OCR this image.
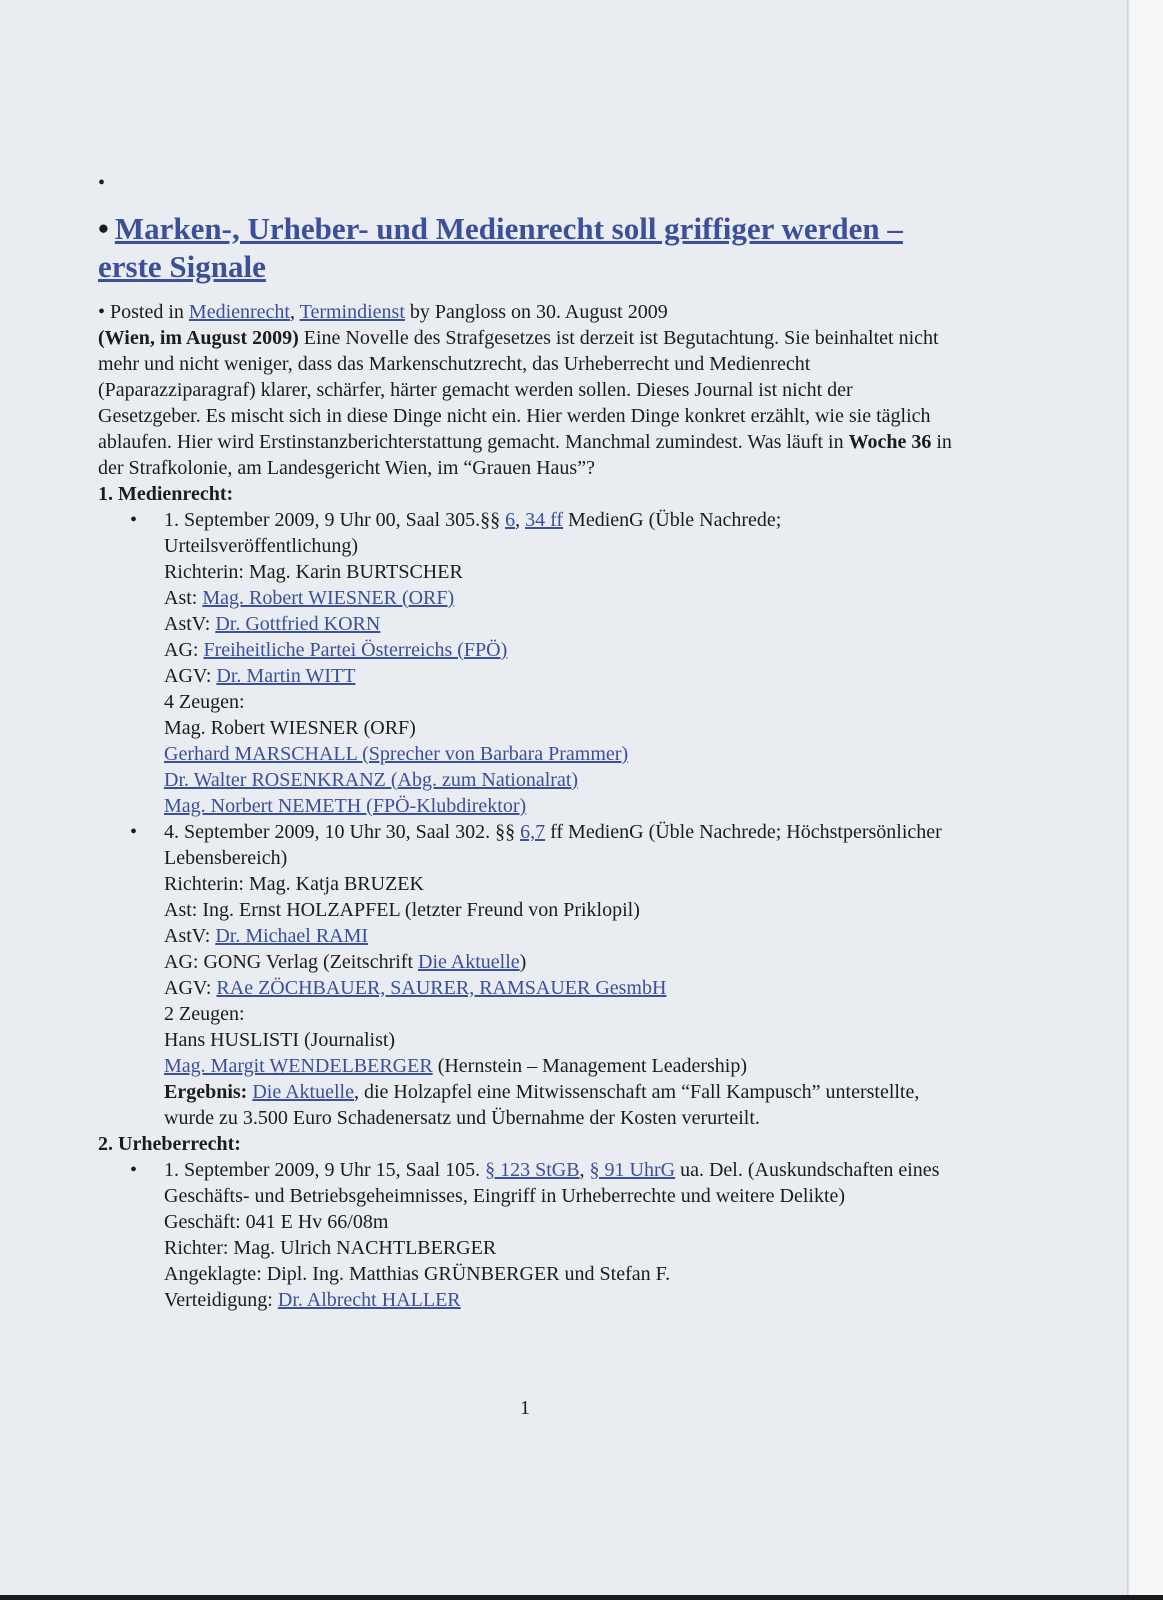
•
• Marken-, Urheber- und Medienrecht soll griffiger werden – erste Signale

• Posted in Medienrecht, Termindienst by Pangloss on 30. August 2009

(Wien, im August 2009) Eine Novelle des Strafgesetzes ist derzeit ist Begutachtung. Sie beinhaltet nicht mehr und nicht weniger, dass das Markenschutzrecht, das Urheberrecht und Medienrecht (Paparazziparagraf) klarer, schärfer, härter gemacht werden sollen. Dieses Journal ist nicht der Gesetzgeber. Es mischt sich in diese Dinge nicht ein. Hier werden Dinge konkret erzählt, wie sie täglich ablaufen. Hier wird Erstinstanzberichterstattung gemacht. Manchmal zumindest. Was läuft in Woche 36 in der Strafkolonie, am Landesgericht Wien, im “Grauen Haus”?

1. Medienrecht:
• 1. September 2009, 9 Uhr 00, Saal 305.§§ 6, 34 ff MedienG (Üble Nachrede; Urteilsveröffentlichung)
Richterin: Mag. Karin BURTSCHER
Ast: Mag. Robert WIESNER (ORF)
AstV: Dr. Gottfried KORN
AG: Freiheitliche Partei Österreichs (FPÖ)
AGV: Dr. Martin WITT
4 Zeugen:
Mag. Robert WIESNER (ORF)
Gerhard MARSCHALL (Sprecher von Barbara Prammer)
Dr. Walter ROSENKRANZ (Abg. zum Nationalrat)
Mag. Norbert NEMETH (FPÖ-Klubdirektor)
• 4. September 2009, 10 Uhr 30, Saal 302. §§ 6,7 ff MedienG (Üble Nachrede; Höchstpersönlicher Lebensbereich)
Richterin: Mag. Katja BRUZEK
Ast: Ing. Ernst HOLZAPFEL (letzter Freund von Priklopil)
AstV: Dr. Michael RAMI
AG: GONG Verlag (Zeitschrift Die Aktuelle)
AGV: RAe ZÖCHBAUER, SAURER, RAMSAUER GesmbH
2 Zeugen:
Hans HUSLISTI (Journalist)
Mag. Margit WENDELBERGER (Hernstein – Management Leadership)
Ergebnis: Die Aktuelle, die Holzapfel eine Mitwissenschaft am “Fall Kampusch” unterstellte, wurde zu 3.500 Euro Schadenersatz und Übernahme der Kosten verurteilt.
2. Urheberrecht:
• 1. September 2009, 9 Uhr 15, Saal 105. § 123 StGB, § 91 UhrG ua. Del. (Auskundschaften eines Geschäfts- und Betriebsgeheimnisses, Eingriff in Urheberrechte und weitere Delikte)
Geschäft: 041 E Hv 66/08m
Richter: Mag. Ulrich NACHTLBERGER
Angeklagte: Dipl. Ing. Matthias GRÜNBERGER und Stefan F.
Verteidigung: Dr. Albrecht HALLER
1
